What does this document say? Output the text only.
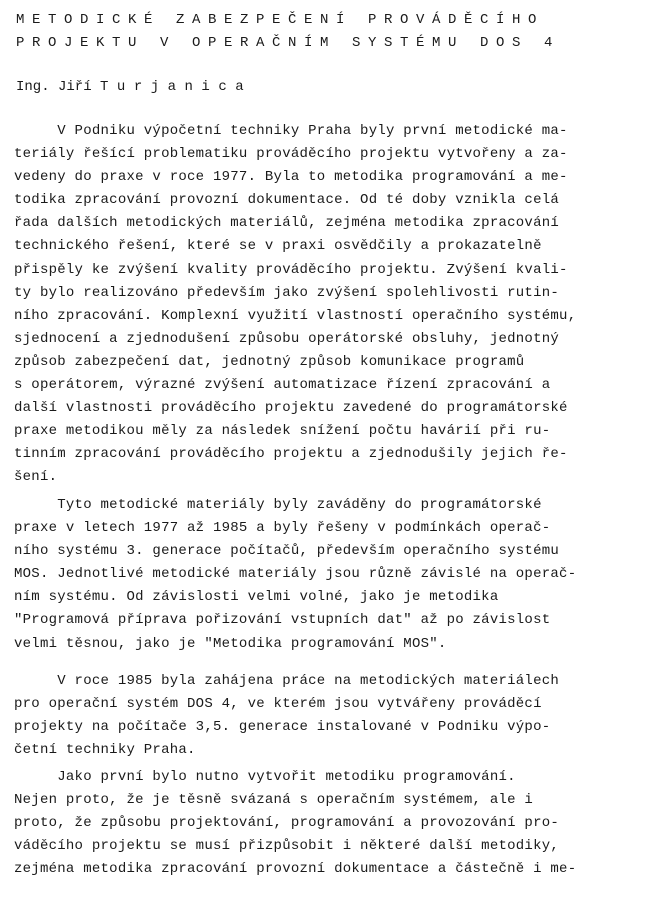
METODICKÉ ZABEZPEČENÍ PROVÁDĚCÍHO
PROJEKTU V OPERAČNÍM SYSTÉMU DOS 4

Ing. Jiří Turjanica

V Podniku výpočetní techniky Praha byly první metodické ma-
teriály řešící problematiku prováděcího projektu vytvořeny a za-
vedeny do praxe v roce 1977. Byla to metodika programování a me-
todika zpracování provozní dokumentace. Od té doby vznikla celá
řada dalších metodických materiálů, zejména metodika zpracování
technického řešení, které se v praxi osvědčily a prokazatelně
přispěly ke zvýšení kvality prováděcího projektu. Zvýšení kvali-
ty bylo realizováno především jako zvýšení spolehlivosti rutin-
ního zpracování. Komplexní využití vlastností operačního systému,
sjednocení a zjednodušení způsobu operátorské obsluhy, jednotný
způsob zabezpečení dat, jednotný způsob komunikace programů
s operátorem, výrazné zvýšení automatizace řízení zpracování a
další vlastnosti prováděcího projektu zavedené do programátorské
praxe metodikou měly za následek snížení počtu havárií při ru-
tinním zpracování prováděcího projektu a zjednodušily jejich ře-
šení.

Tyto metodické materiály byly zaváděny do programátorské
praxe v letech 1977 až 1985 a byly řešeny v podmínkách operač-
ního systému 3. generace počítačů, především operačního systému
MOS. Jednotlivé metodické materiály jsou různě závislé na operač-
ním systému. Od závislosti velmi volné, jako je metodika
"Programová příprava pořizování vstupních dat" až po závislost
velmi těsnou, jako je "Metodika programování MOS".

V roce 1985 byla zahájena práce na metodických materiálech
pro operační systém DOS 4, ve kterém jsou vytvářeny prováděcí
projekty na počítače 3,5. generace instalované v Podniku výpo-
četní techniky Praha.

Jako první bylo nutno vytvořit metodiku programování.
Nejen proto, že je těsně svázaná s operačním systémem, ale i
proto, že způsobu projektování, programování a provozování pro-
váděcího projektu se musí přizpůsobit i některé další metodiky,
zejména metodika zpracování provozní dokumentace a částečně i me-
